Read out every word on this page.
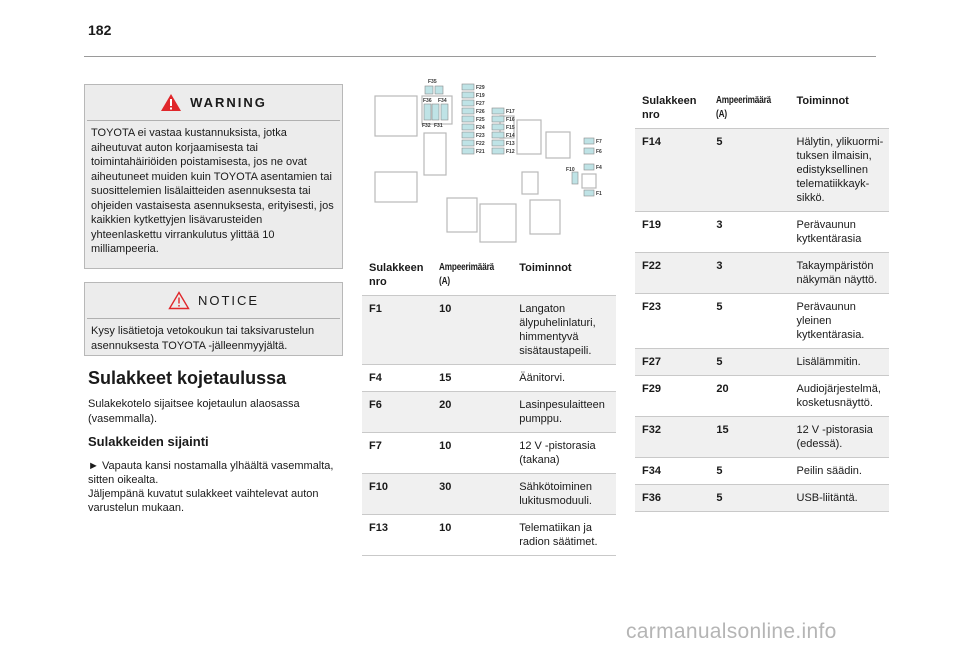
182
WARNING
TOYOTA ei vastaa kustannuksista, jotka aiheutuvat auton korjaamisesta tai toimintahäiriöiden poistamisesta, jos ne ovat aiheutuneet muiden kuin TOYOTA asentamien tai suosittelemien lisälaitteiden asennuksesta tai ohjeiden vastaisesta asennuksesta, erityisesti, jos kaikkien kytkettyjen lisävarusteiden yhteenlaskettu virrankulutus ylittää 10 milliampeeria.
NOTICE
Kysy lisätietoja vetokoukun tai taksivarustelun asennuksesta TOYOTA -jälleenmyyjältä.
Sulakkeet kojetaulussa
Sulakekotelo sijaitsee kojetaulun alaosassa (vasemmalla).
Sulakkeiden sijainti
► Vapauta kansi nostamalla ylhäältä vasemmalta, sitten oikealta.
Jäljempänä kuvatut sulakkeet vaihtelevat auton varustelun mukaan.
F35
F36 F34
F32 F31
F29
F19
F27
F26
F25
F24
F23
F22
F21
F17
F16
F15
F14
F13
F12
F7
F6
F10	F4
F1
Sulakkeen nro	Ampeerimäärä (A)	Toiminnot
F1	10	Langaton älypuhelinlaturi, himmentyvä sisätaustapeili.
F4	15	Äänitorvi.
F6	20	Lasinpesulaitteen pumppu.
F7	10	12 V -pistorasia (takana)
F10	30	Sähkötoiminen lukitusmoduuli.
F13	10	Telematiikan ja radion säätimet.
Sulakkeen nro	Ampeerimäärä (A)	Toiminnot
F14	5	Hälytin, ylikuormi-tuksen ilmaisin, edistyksellinen telematiikkayk-sikkö.
F19	3	Perävaunun kytkentärasia
F22	3	Takaympäristön näkymän näyttö.
F23	5	Perävaunun yleinen kytkentärasia.
F27	5	Lisälämmitin.
F29	20	Audiojärjestelmä, kosketusnäyttö.
F32	15	12 V -pistorasia (edessä).
F34	5	Peilin säädin.
F36	5	USB-liitäntä.
carmanualsonline.info
